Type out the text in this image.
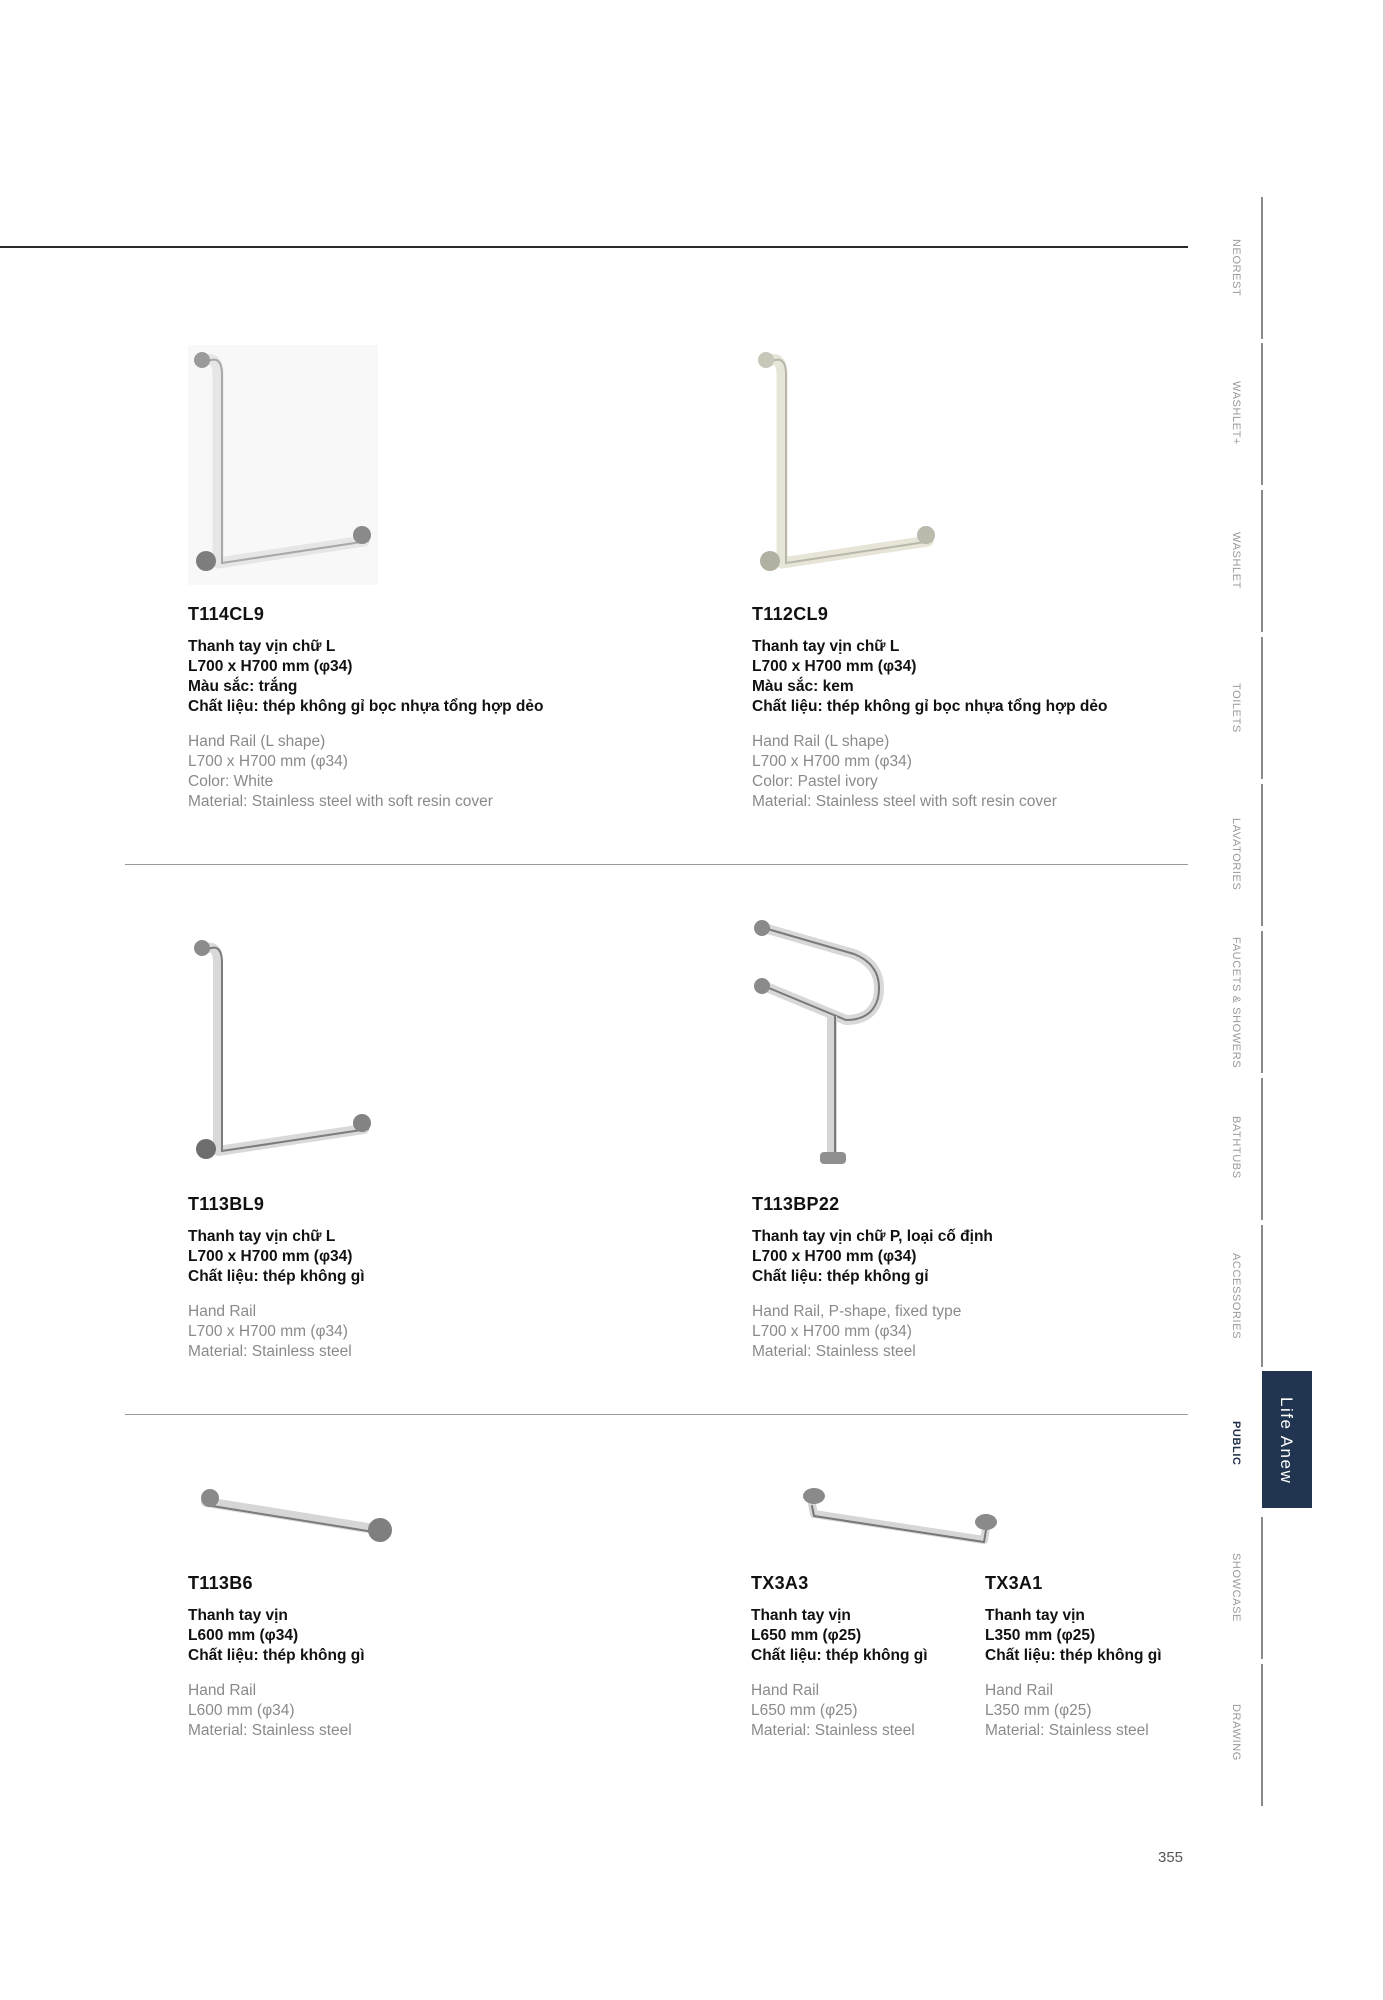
T114CL9
Thanh tay vịn chữ L
L700 x H700 mm (φ34)
Màu sắc: trắng
Chất liệu: thép không gỉ bọc nhựa tổng hợp dẻo
Hand Rail (L shape)
L700 x H700 mm (φ34)
Color: White
Material: Stainless steel with soft resin cover
T112CL9
Thanh tay vịn chữ L
L700 x H700 mm (φ34)
Màu sắc: kem
Chất liệu: thép không gỉ bọc nhựa tổng hợp dẻo
Hand Rail (L shape)
L700 x H700 mm (φ34)
Color: Pastel ivory
Material: Stainless steel with soft resin cover
T113BL9
Thanh tay vịn chữ L
L700 x H700 mm (φ34)
Chất liệu: thép không gì
Hand Rail
L700 x H700 mm (φ34)
Material: Stainless steel
T113BP22
Thanh tay vịn chữ P, loại cố định
L700 x H700 mm (φ34)
Chất liệu: thép không gỉ
Hand Rail, P-shape, fixed type
L700 x H700 mm (φ34)
Material: Stainless steel
T113B6
Thanh tay vịn
L600 mm (φ34)
Chất liệu: thép không gì
Hand Rail
L600 mm (φ34)
Material: Stainless steel
TX3A3
Thanh tay vịn
L650 mm (φ25)
Chất liệu: thép không gì
Hand Rail
L650 mm (φ25)
Material: Stainless steel
TX3A1
Thanh tay vịn
L350 mm (φ25)
Chất liệu: thép không gì
Hand Rail
L350 mm (φ25)
Material: Stainless steel
NEOREST
WASHLET+
WASHLET
TOILETS
LAVATORIES
FAUCETS & SHOWERS
BATHTUBS
ACCESSORIES
PUBLIC Life Anew
SHOWCASE
DRAWING
355
